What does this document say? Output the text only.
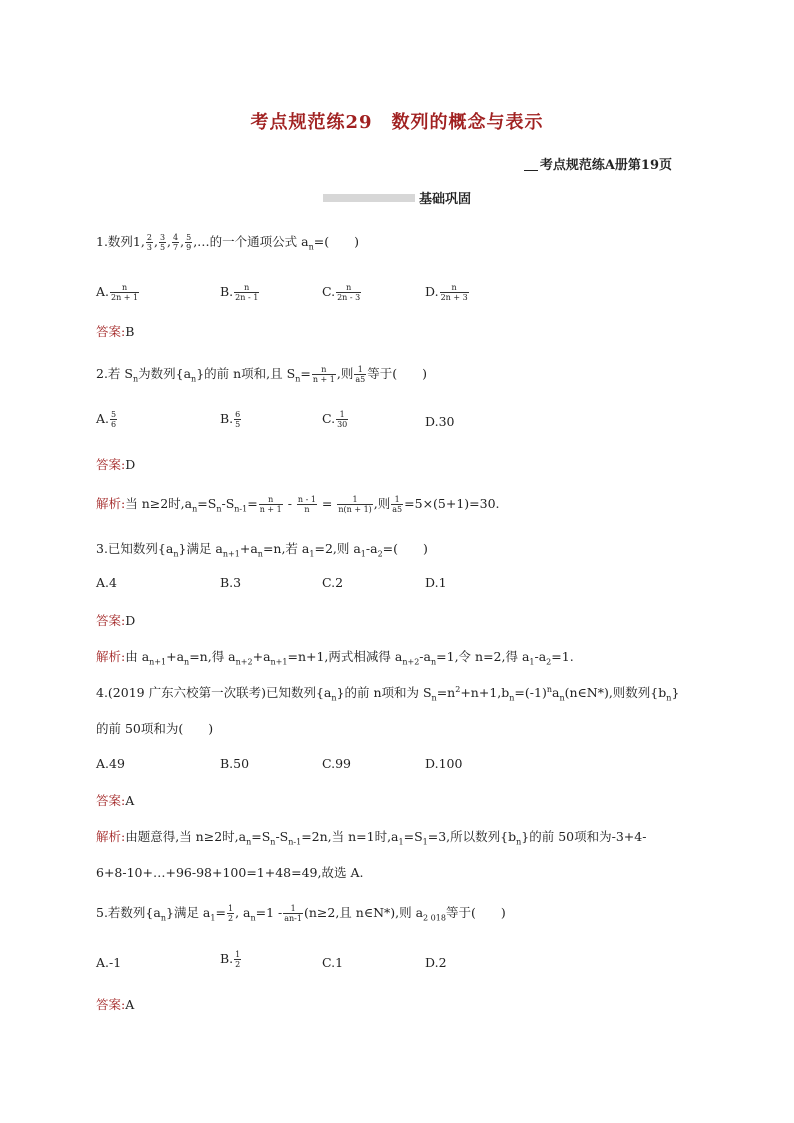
考点规范练29　数列的概念与表示
考点规范练A册第19页
基础巩固
1.数列1, $\frac{2}{3}$ , $\frac{3}{5}$ , $\frac{4}{7}$ , $\frac{5}{9}$ ,…的一个通项公式 $a_n=$(　　)
A. $\frac{n}{2n + 1}$	B. $\frac{n}{2n - 1}$	C. $\frac{n}{2n - 3}$	D. $\frac{n}{2n + 3}$
答案:B
2.若 $S_n$为数列$\{a_n\}$的前 n项和,且 $S_n= \frac{n}{n + 1}$ ,则 $\frac{1}{a5}$ 等于(　　)
A. $\frac{5}{6}$	B. $\frac{6}{5}$	C. $\frac{1}{30}$	D.30
答案:D
解析:当 n≥2时$,a_n=S_n-S_{n-1}= \frac{n}{n + 1} - \frac{n - 1}{n} = \frac{1}{n(n + 1)}$ ,则 $\frac{1}{a5} =5\times(5+1)=30$.
3.已知数列$\{a_n\}$满足 $a_{n+1}+a_n=n$,若 $a_1=2$,则 $a_1-a_2=$(　　)
A.4	B.3	C.2	D.1
答案:D
解析:由 $a_{n+1}+a_n=n$,得 $a_{n+2}+a_{n+1}=n+1$,两式相减得 $a_{n+2}-a_n=1$,令 n=2,得 $a_1-a_2=1$.
4.(2019 广东六校第一次联考)已知数列$\{a_n\}$的前 n项和为 $S_n=n^2+n+1,b_n=(-1)^na_n(n\in N*)$,则数列$\{b_n\}$
的前 50项和为(　　)
A.49	B.50	C.99	D.100
答案:A
解析:由题意得,当 n≥2时$,a_n=S_n-S_{n-1}=2n$,当 n=1时$,a_1=S_1=3$,所以数列$\{b_n\}$的前 50项和为-3+4-
6+8-10+…+96-98+100=1+48=49,故选 A.
5.若数列$\{a_n\}$满足 $a_1= \frac{1}{2}$ , $a_n=1 - \frac{1}{an-1} (n\ge 2$,且 n∈N*),则 $a_{2 018}$等于(　　)
A.-1	B. $\frac{1}{2}$	C.1	D.2
答案:A
